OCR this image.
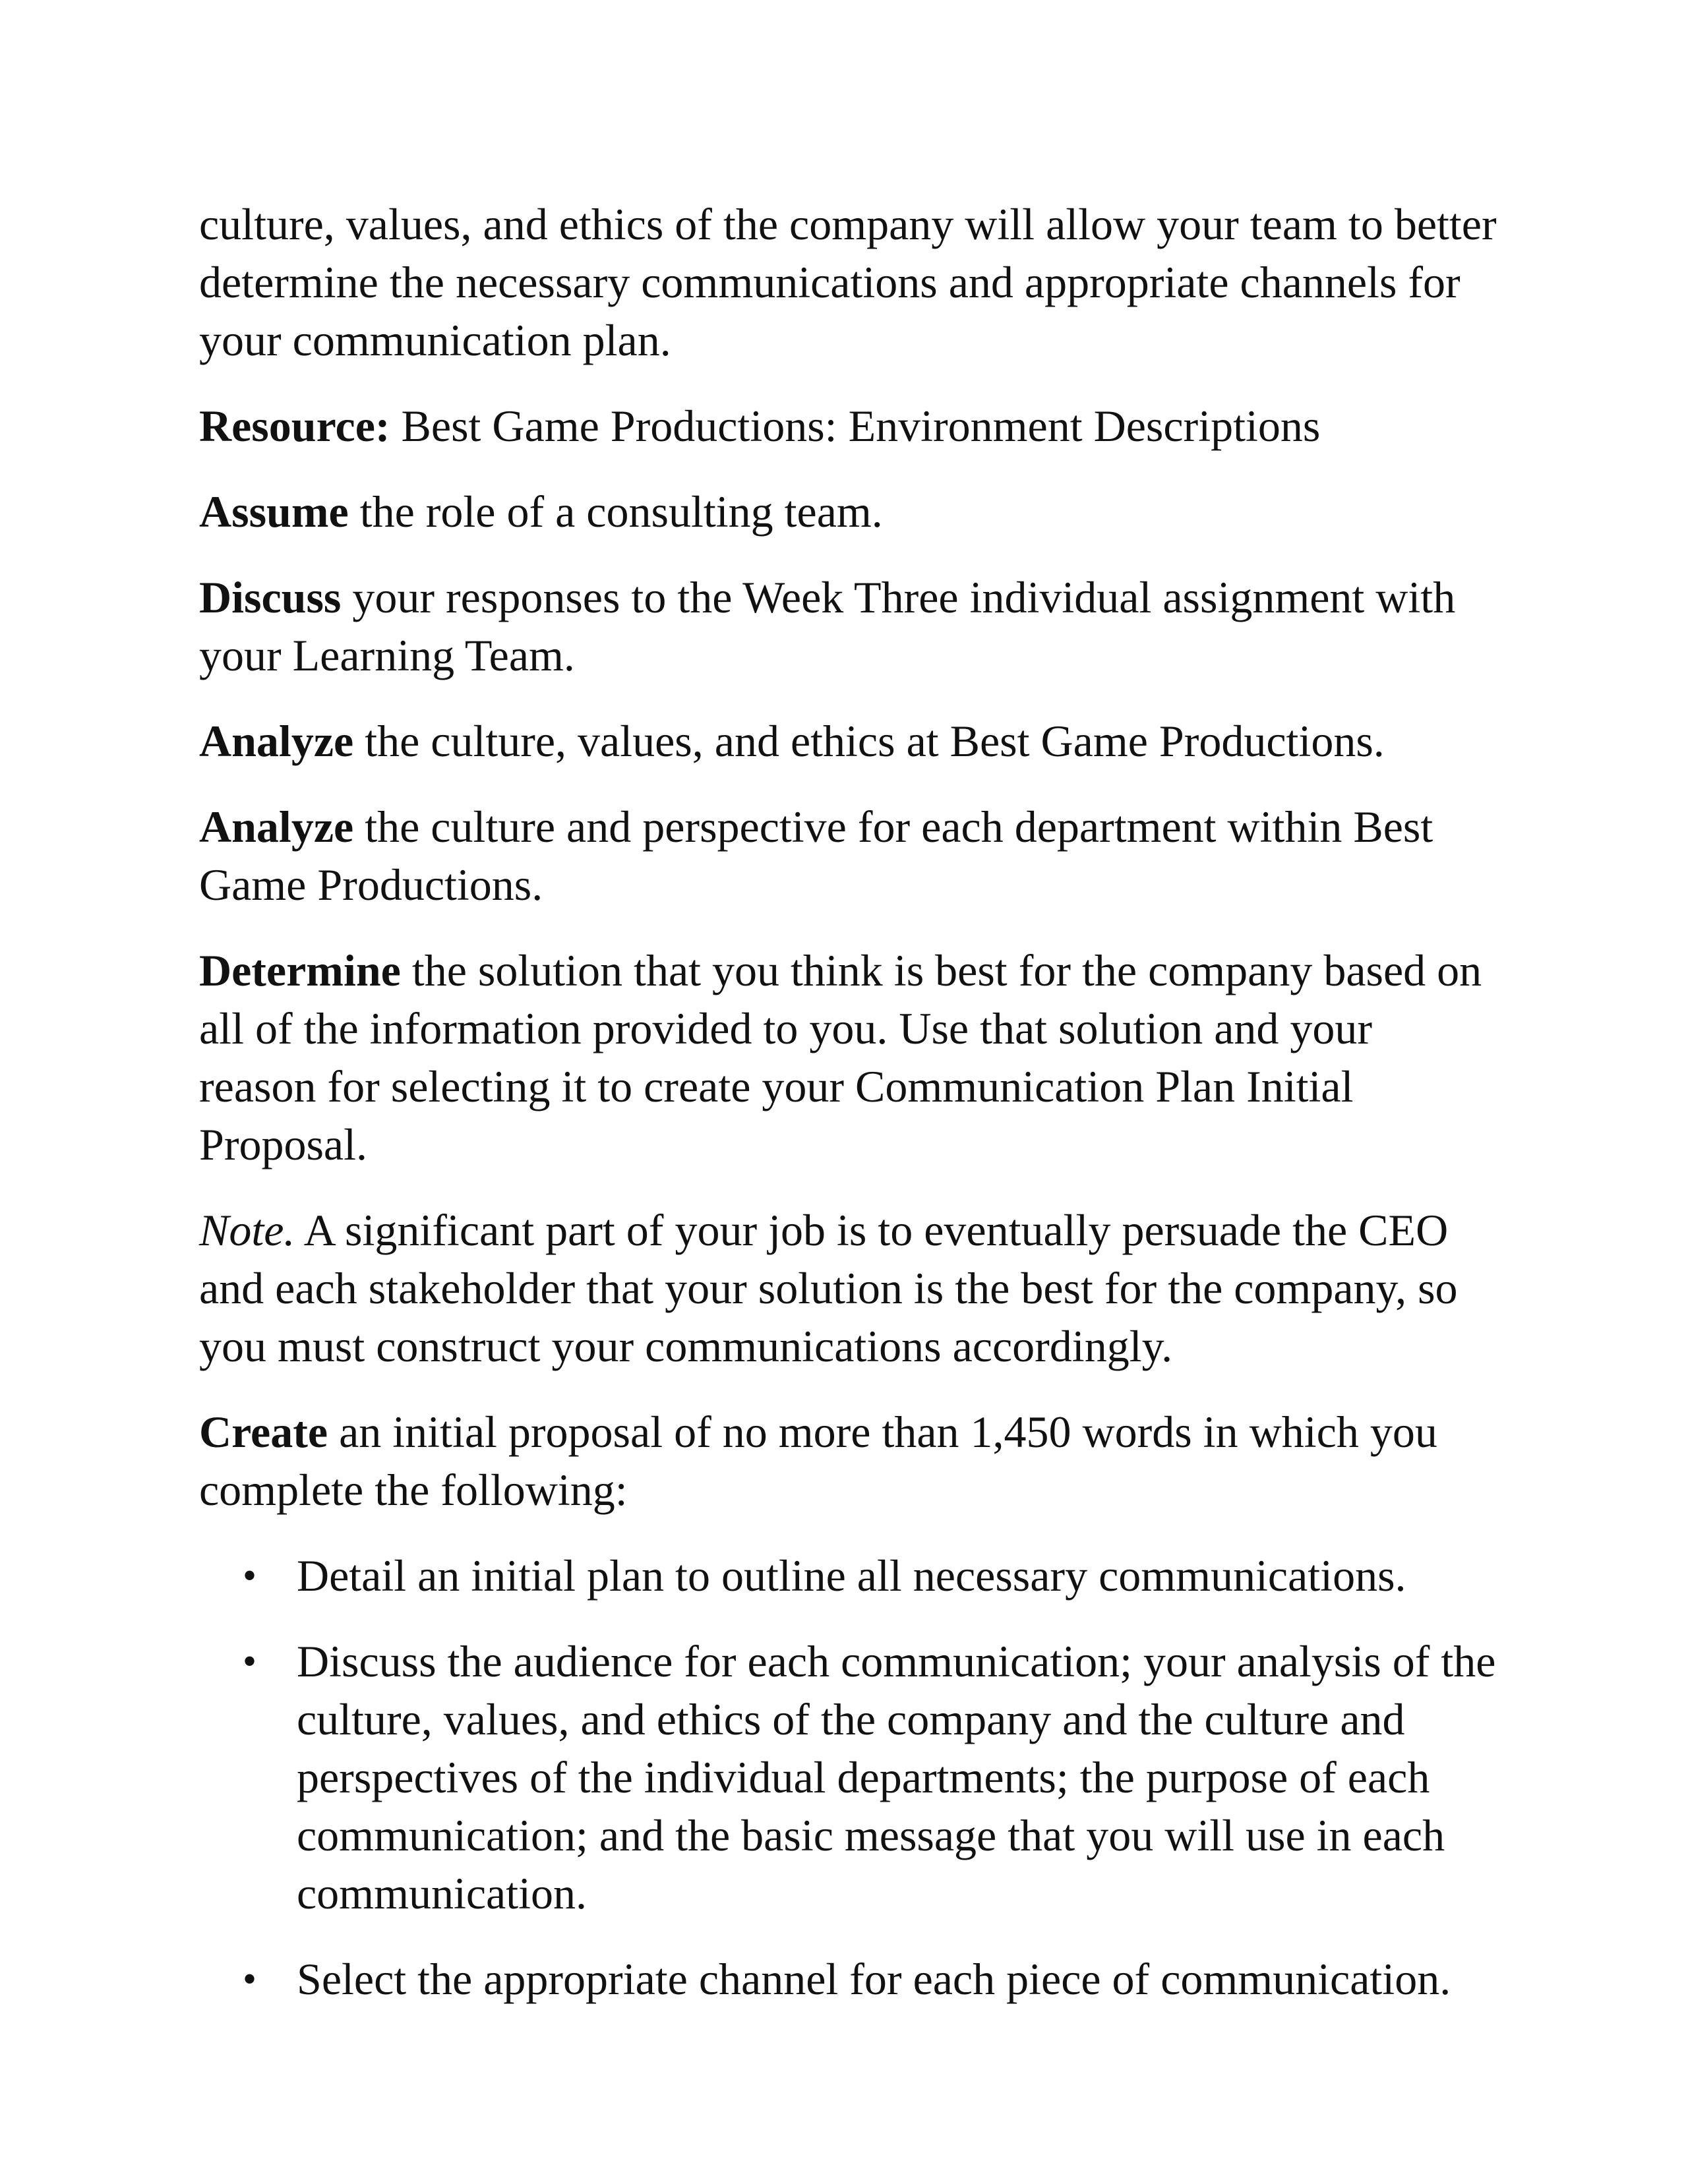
culture, values, and ethics of the company will allow your team to better determine the necessary communications and appropriate channels for your communication plan.

Resource: Best Game Productions: Environment Descriptions

Assume the role of a consulting team.

Discuss your responses to the Week Three individual assignment with your Learning Team.

Analyze the culture, values, and ethics at Best Game Productions.

Analyze the culture and perspective for each department within Best Game Productions.

Determine the solution that you think is best for the company based on all of the information provided to you. Use that solution and your reason for selecting it to create your Communication Plan Initial Proposal.

Note. A significant part of your job is to eventually persuade the CEO and each stakeholder that your solution is the best for the company, so you must construct your communications accordingly.

Create an initial proposal of no more than 1,450 words in which you complete the following:

• Detail an initial plan to outline all necessary communications.
• Discuss the audience for each communication; your analysis of the culture, values, and ethics of the company and the culture and perspectives of the individual departments; the purpose of each communication; and the basic message that you will use in each communication.
• Select the appropriate channel for each piece of communication.
